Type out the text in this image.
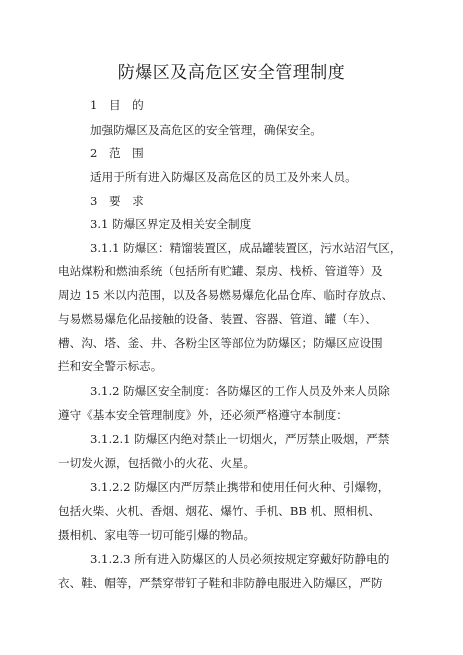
防爆区及高危区安全管理制度
1　目　的
加强防爆区及高危区的安全管理，确保安全。
2　范　围
适用于所有进入防爆区及高危区的员工及外来人员。
3　要　求
3.1 防爆区界定及相关安全制度
3.1.1 防爆区：精馏装置区，成品罐装置区，污水站沼气区，
电站煤粉和燃油系统（包括所有贮罐、泵房、栈桥、管道等）及
周边 15 米以内范围，以及各易燃易爆危化品仓库、临时存放点、
与易燃易爆危化品接触的设备、装置、容器、管道、罐（车）、
槽、沟、塔、釜、井、各粉尘区等部位为防爆区；防爆区应设围
拦和安全警示标志。
3.1.2 防爆区安全制度：各防爆区的工作人员及外来人员除
遵守《基本安全管理制度》外，还必须严格遵守本制度：
3.1.2.1 防爆区内绝对禁止一切烟火，严厉禁止吸烟，严禁
一切发火源，包括微小的火花、火星。
3.1.2.2 防爆区内严厉禁止携带和使用任何火种、引爆物，
包括火柴、火机、香烟、烟花、爆竹、手机、BB 机、照相机、
摄相机、家电等一切可能引爆的物品。
3.1.2.3 所有进入防爆区的人员必须按规定穿戴好防静电的
衣、鞋、帽等，严禁穿带钉子鞋和非防静电服进入防爆区，严防
